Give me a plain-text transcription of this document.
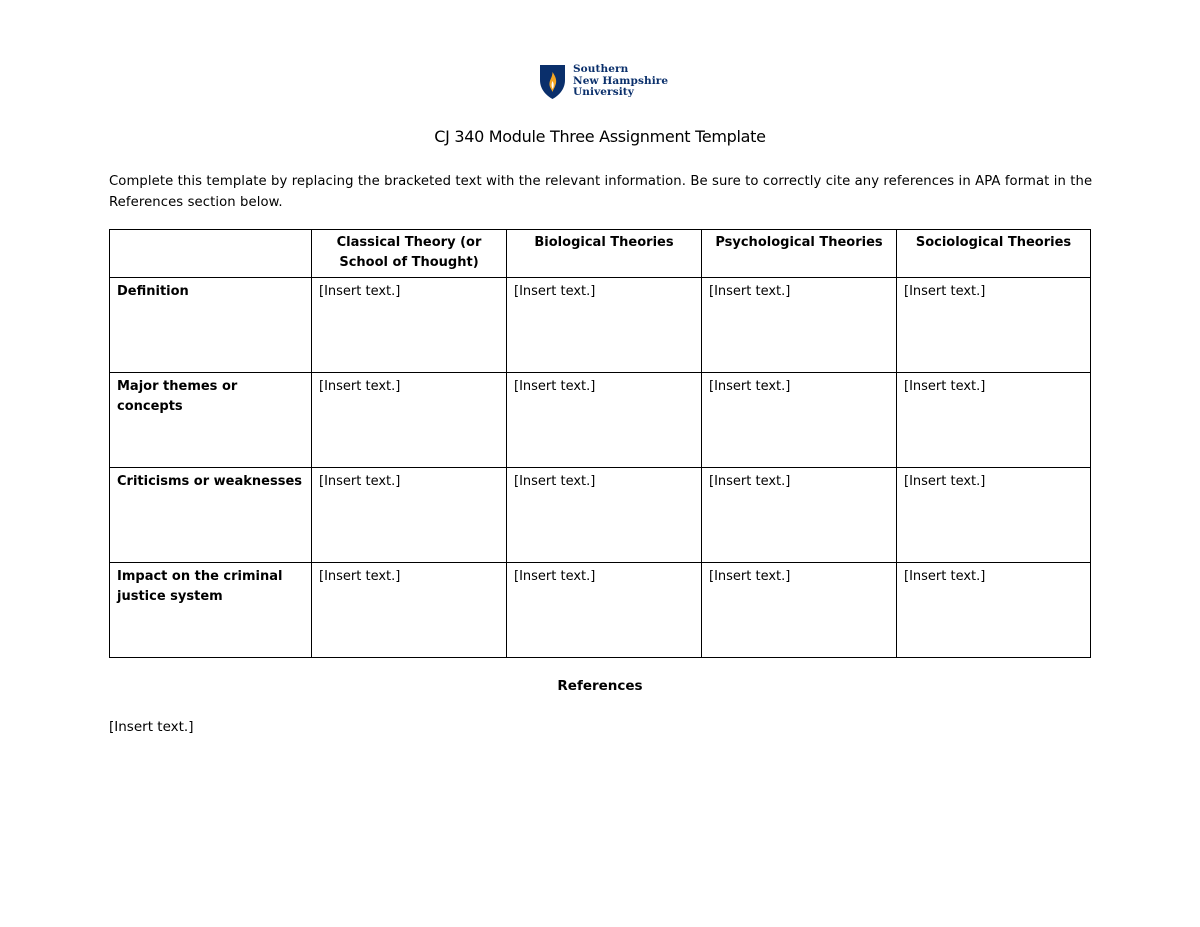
Southern
New Hampshire
University
CJ 340 Module Three Assignment Template
Complete this template by replacing the bracketed text with the relevant information. Be sure to correctly cite any references in APA format in the References section below.
	Classical Theory (or School of Thought)	Biological Theories	Psychological Theories	Sociological Theories
Definition	[Insert text.]	[Insert text.]	[Insert text.]	[Insert text.]
Major themes or concepts	[Insert text.]	[Insert text.]	[Insert text.]	[Insert text.]
Criticisms or weaknesses	[Insert text.]	[Insert text.]	[Insert text.]	[Insert text.]
Impact on the criminal justice system	[Insert text.]	[Insert text.]	[Insert text.]	[Insert text.]
References
[Insert text.]
